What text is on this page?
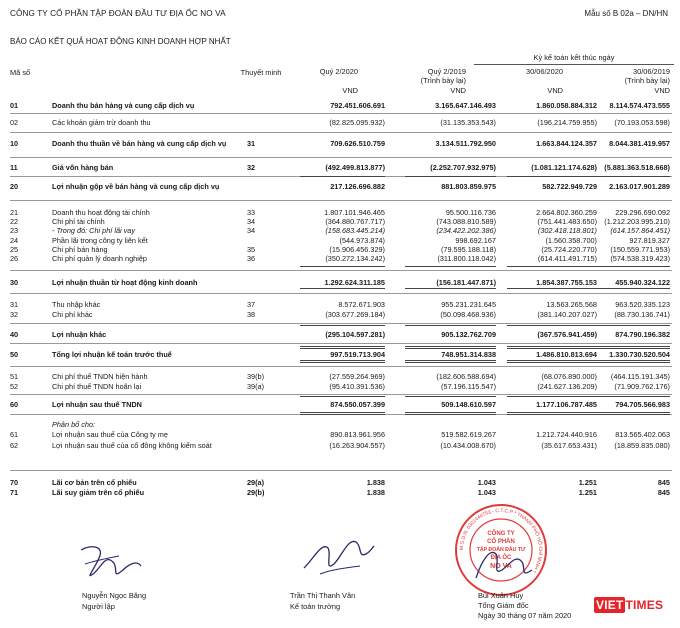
CÔNG TY CỔ PHẦN TẬP ĐOÀN ĐẦU TƯ ĐỊA ỐC NO VA	Mẫu số B 02a – DN/HN
BÁO CÁO KẾT QUẢ HOẠT ĐỘNG KINH DOANH HỢP NHẤT
Mã số	Thuyết minh
Kỳ kế toán kết thúc ngày
Quý 2/2020
VND
Quý 2/2019
(Trình bày lại)
VND
30/06/2020
VND
30/06/2019
(Trình bày lại)
VND
01	Doanh thu bán hàng và cung cấp dịch vụ	792.451.606.691	3.165.647.146.493	1.860.058.884.312	8.114.574.473.555
02	Các khoản giảm trừ doanh thu	(82.825.095.932)	(31.135.353.543)	(196.214.759.955)	(70.193.053.598)
10	Doanh thu thuần về bán hàng và cung cấp dịch vụ	31	709.626.510.759	3.134.511.792.950	1.663.844.124.357	8.044.381.419.957
11	Giá vốn hàng bán	32	(492.499.813.877)	(2.252.707.932.975)	(1.081.121.174.628) (5.881.363.518.668)
20	Lợi nhuận gộp về bán hàng và cung cấp dịch vụ	217.126.696.882	881.803.859.975	582.722.949.729	2.163.017.901.289
21	Doanh thu hoạt động tài chính	33	1.807.101.946.465	95.500.116.736	2.664.802.360.259	229.296.690.092
22	Chi phí tài chính	34	(364.880.767.717)	(743.088.810.589)	(751.441.483.650) (1.212.203.995.210)
23	- Trong đó: Chi phí lãi vay	34	(158.683.445.214)	(234.422.202.386)	(302.418.118.801)	(614.157.864.451)
24	Phần lãi trong công ty liên kết	(544.973.874)	998.692.167	(1.560.358.700)	927.819.327
25	Chi phí bán hàng	35	(15.906.456.329)	(79.595.188.118)	(25.724.220.770)	(150.559.771.953)
26	Chi phí quản lý doanh nghiệp	36	(350.272.134.242)	(311.800.118.042)	(614.411.491.715)	(574.538.319.423)
30	Lợi nhuận thuần từ hoạt động kinh doanh	1.292.624.311.185	(156.181.447.871)	1.854.387.755.153	455.940.324.122
31	Thu nhập khác	37	8.572.671.903	955.231.231.645	13.563.265.568	963.520.335.123
32	Chi phí khác	38	(303.677.269.184)	(50.098.468.936)	(381.140.207.027)	(88.730.136.741)
40	Lợi nhuận khác	(295.104.597.281)	905.132.762.709	(367.576.941.459)	874.790.196.382
50	Tổng lợi nhuận kế toán trước thuế	997.519.713.904	748.951.314.838	1.486.810.813.694	1.330.730.520.504
51	Chi phí thuế TNDN hiện hành	39(b)	(27.559.264.969)	(182.606.588.694)	(68.076.890.000)	(464.115.191.345)
52	Chi phí thuế TNDN hoãn lại	39(a)	(95.410.391.536)	(57.196.115.547)	(241.627.136.209)	(71.909.762.176)
60	Lợi nhuận sau thuế TNDN	874.550.057.399	509.148.610.597	1.177.106.787.485	794.705.566.983
Phân bổ cho:
61	Lợi nhuận sau thuế của Công ty mẹ	890.813.961.956	519.582.619.267	1.212.724.440.916	813.565.402.063
62	Lợi nhuận sau thuế của cổ đông không kiểm soát	(16.263.904.557)	(10.434.008.670)	(35.617.653.431)	(18.859.835.080)
70	Lãi cơ bản trên cổ phiếu	29(a)	1.838	1.043	1.251	845
71	Lãi suy giảm trên cổ phiếu	29(b)	1.838	1.043	1.251	845
Nguyễn Ngọc Băng
Người lập
Trần Thị Thanh Vân
Kế toán trưởng
CÔNG TY
CỔ PHẦN
TẬP ĐOÀN ĐẦU TƯ
ĐỊA ỐC
NO VA
M.S.D.N: 0301444753 - C.T.C.P * THÀNH PHỐ HỒ CHÍ MINH *
Bùi Xuân Huy
Tổng Giám đốc
Ngày 30 tháng 07 năm 2020
VIET TIMES
